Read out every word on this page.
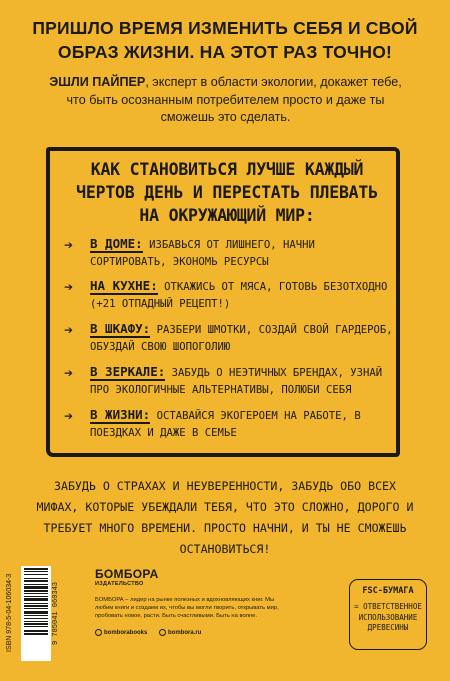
ПРИШЛО ВРЕМЯ ИЗМЕНИТЬ СЕБЯ И СВОЙ ОБРАЗ ЖИЗНИ. НА ЭТОТ РАЗ ТОЧНО!
ЭШЛИ ПАЙПЕР, эксперт в области экологии, докажет тебе, что быть осознанным потребителем просто и даже ты сможешь это сделать.
КАК СТАНОВИТЬСЯ ЛУЧШЕ КАЖДЫЙ ЧЕРТОВ ДЕНЬ И ПЕРЕСТАТЬ ПЛЕВАТЬ НА ОКРУЖАЮЩИЙ МИР:
➔ В ДОМЕ: ИЗБАВЬСЯ ОТ ЛИШНЕГО, НАЧНИ СОРТИРОВАТЬ, ЭКОНОМЬ РЕСУРСЫ
➔ НА КУХНЕ: ОТКАЖИСЬ ОТ МЯСА, ГОТОВЬ БЕЗОТХОДНО (+21 ОТПАДНЫЙ РЕЦЕПТ!)
➔ В ШКАФУ: РАЗБЕРИ ШМОТКИ, СОЗДАЙ СВОЙ ГАРДЕРОБ, ОБУЗДАЙ СВОЮ ШОПОГОЛИЮ
➔ В ЗЕРКАЛЕ: ЗАБУДЬ О НЕЭТИЧНЫХ БРЕНДАХ, УЗНАЙ ПРО ЭКОЛОГИЧНЫЕ АЛЬТЕРНАТИВЫ, ПОЛЮБИ СЕБЯ
➔ В ЖИЗНИ: ОСТАВАЙСЯ ЭКОГЕРОЕМ НА РАБОТЕ, В ПОЕЗДКАХ И ДАЖЕ В СЕМЬЕ
ЗАБУДЬ О СТРАХАХ И НЕУВЕРЕННОСТИ, ЗАБУДЬ ОБО ВСЕХ МИФАХ, КОТОРЫЕ УБЕЖДАЛИ ТЕБЯ, ЧТО ЭТО СЛОЖНО, ДОРОГО И ТРЕБУЕТ МНОГО ВРЕМЕНИ. ПРОСТО НАЧНИ, И ТЫ НЕ СМОЖЕШЬ ОСТАНОВИТЬСЯ!
ISBN 978-5-04-106034-3	9 785041 060343
БОМБОРА
ИЗДАТЕЛЬСТВО
БОМБОРА – лидер на рынке полезных и вдохновляющих книг. Мы любим книги и создаем их, чтобы вы могли творить, открывать мир, пробовать новое, расти. Быть счастливыми. Быть на волне.
bomborabooks	bombora.ru
FSC-БУМАГА
= ОТВЕТСТВЕННОЕ ИСПОЛЬЗОВАНИЕ ДРЕВЕСИНЫ
